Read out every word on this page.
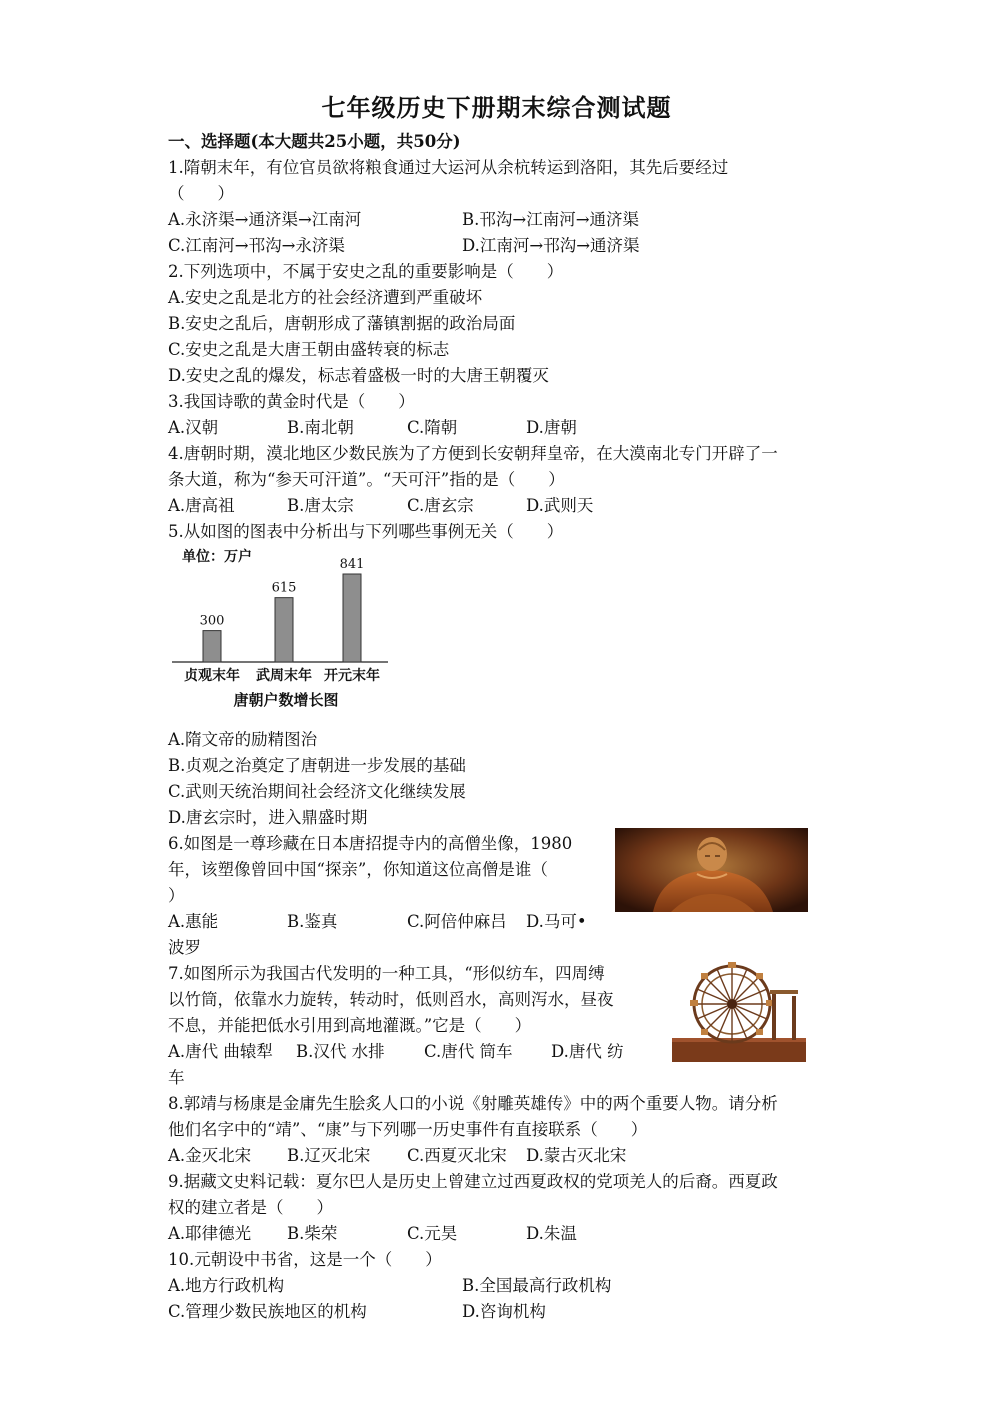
七年级历史下册期末综合测试题
一、选择题(本大题共25小题，共50分)
1.隋朝末年，有位官员欲将粮食通过大运河从余杭转运到洛阳，其先后要经过
（　　）
A.永济渠→通济渠→江南河	B.邗沟→江南河→通济渠
C.江南河→邗沟→永济渠	D.江南河→邗沟→通济渠
2.下列选项中，不属于安史之乱的重要影响是（　　）
A.安史之乱是北方的社会经济遭到严重破坏
B.安史之乱后，唐朝形成了藩镇割据的政治局面
C.安史之乱是大唐王朝由盛转衰的标志
D.安史之乱的爆发，标志着盛极一时的大唐王朝覆灭
3.我国诗歌的黄金时代是（　　）
A.汉朝	B.南北朝	C.隋朝	D.唐朝
4.唐朝时期，漠北地区少数民族为了方便到长安朝拜皇帝，在大漠南北专门开辟了一
条大道，称为“参天可汗道”。“天可汗”指的是（　　）
A.唐高祖	B.唐太宗	C.唐玄宗	D.武则天
5.从如图的图表中分析出与下列哪些事例无关（　　）
单位：万户
300
贞观末年
615
武周末年
841
开元末年
唐朝户数增长图
A.隋文帝的励精图治
B.贞观之治奠定了唐朝进一步发展的基础
C.武则天统治期间社会经济文化继续发展
D.唐玄宗时，进入鼎盛时期
6.如图是一尊珍藏在日本唐招提寺内的高僧坐像，1980
年，该塑像曾回中国“探亲”，你知道这位高僧是谁（
）
A.惠能	B.鉴真	C.阿倍仲麻吕 D.马可•
波罗
7.如图所示为我国古代发明的一种工具，“形似纺车，四周缚
以竹筒，依靠水力旋转，转动时，低则舀水，高则泻水，昼夜
不息，并能把低水引用到高地灌溉。”它是（　　）
A.唐代 曲辕犁 B.汉代 水排 C.唐代 筒车 D.唐代 纺
车
8.郭靖与杨康是金庸先生脍炙人口的小说《射雕英雄传》中的两个重要人物。请分析
他们名字中的“靖”、“康”与下列哪一历史事件有直接联系（　　）
A.金灭北宋 B.辽灭北宋 C.西夏灭北宋 D.蒙古灭北宋
9.据藏文史料记载：夏尔巴人是历史上曾建立过西夏政权的党项羌人的后裔。西夏政
权的建立者是（　　）
A.耶律德光 B.柴荣	C.元昊	D.朱温
10.元朝设中书省，这是一个（　　）
A.地方行政机构	B.全国最高行政机构
C.管理少数民族地区的机构	D.咨询机构
